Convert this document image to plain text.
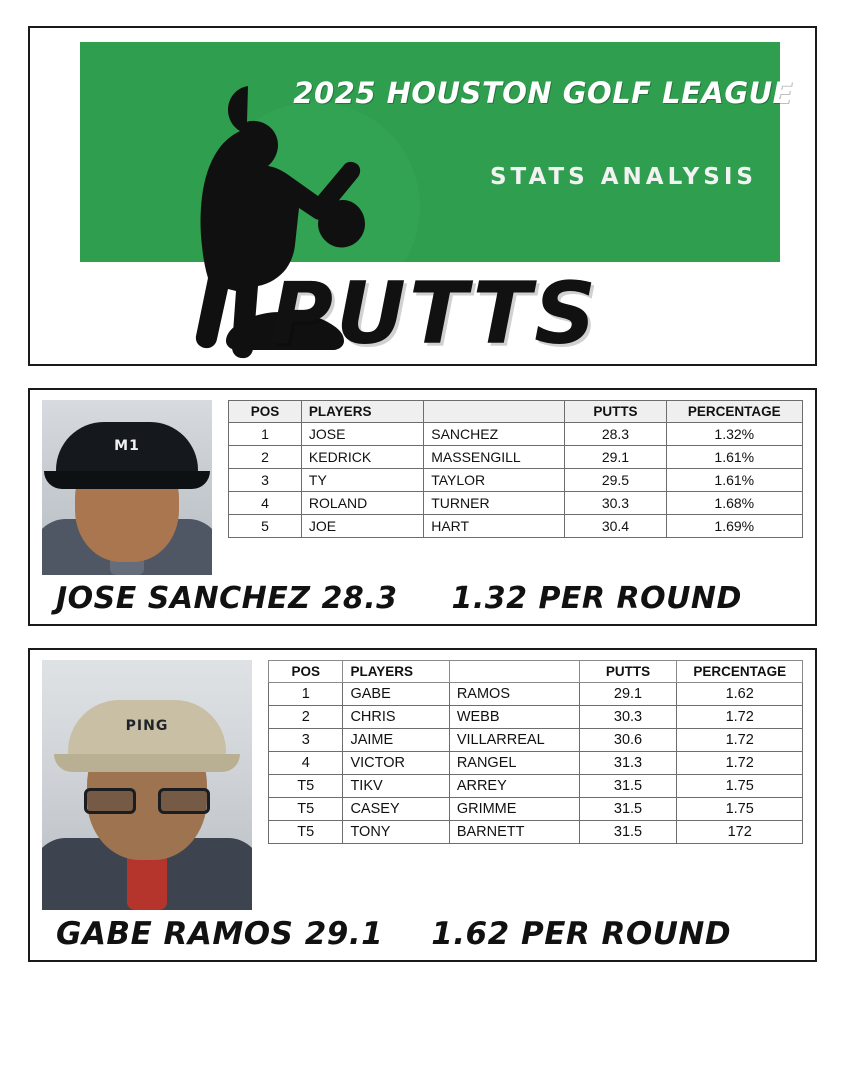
2025 HOUSTON GOLF LEAGUE
STATS ANALYSIS
PUTTS
M1
POS	PLAYERS		PUTTS	PERCENTAGE
1	JOSE	SANCHEZ	28.3	1.32%
2	KEDRICK	MASSENGILL	29.1	1.61%
3	TY	TAYLOR	29.5	1.61%
4	ROLAND	TURNER	30.3	1.68%
5	JOE	HART	30.4	1.69%
JOSE SANCHEZ 28.3 1.32 PER ROUND
PING
POS	PLAYERS		PUTTS	PERCENTAGE
1	GABE	RAMOS	29.1	1.62
2	CHRIS	WEBB	30.3	1.72
3	JAIME	VILLARREAL	30.6	1.72
4	VICTOR	RANGEL	31.3	1.72
T5	TIKV	ARREY	31.5	1.75
T5	CASEY	GRIMME	31.5	1.75
T5	TONY	BARNETT	31.5	172
GABE RAMOS 29.1 1.62 PER ROUND
